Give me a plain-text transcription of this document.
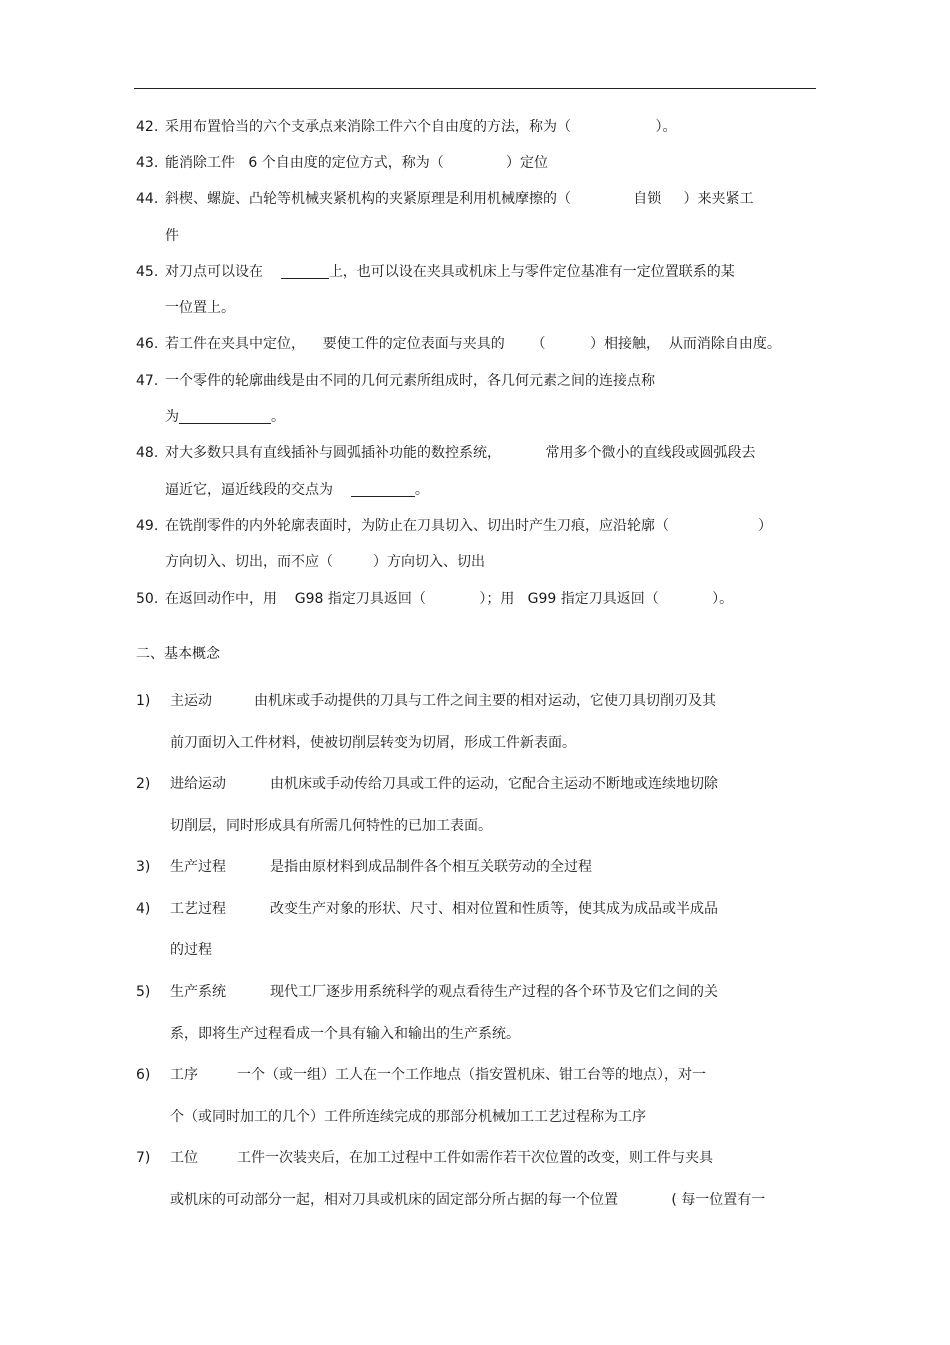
42. 采用布置恰当的六个支承点来消除工件六个自由度的方法，称为（                   ）。
43. 能消除工件   6 个自由度的定位方式，称为（              ）定位
44. 斜楔、螺旋、凸轮等机械夹紧机构的夹紧原理是利用机械摩擦的（              自锁     ）来夹紧工
件
45. 对刀点可以设在	上，也可以设在夹具或机床上与零件定位基准有一定位置联系的某
一位置上。
46. 若工件在夹具中定位，    要使工件的定位表面与夹具的      （          ）相接触，  从而消除自由度。
47. 一个零件的轮廓曲线是由不同的几何元素所组成时，各几何元素之间的连接点称
为	。
48. 对大多数只具有直线插补与圆弧插补功能的数控系统，          常用多个微小的直线段或圆弧段去
逼近它，逼近线段的交点为	。
49. 在铣削零件的内外轮廓表面时，为防止在刀具切入、切出时产生刀痕，应沿轮廓（                    ）
方向切入、切出，而不应（         ）方向切入、切出
50. 在返回动作中，用    G98 指定刀具返回（            ）；用   G99 指定刀具返回（            ）。
二、基本概念
1) 主运动	由机床或手动提供的刀具与工件之间主要的相对运动，它使刀具切削刃及其
前刀面切入工件材料，使被切削层转变为切屑，形成工件新表面。
2) 进给运动	由机床或手动传给刀具或工件的运动，它配合主运动不断地或连续地切除
切削层，同时形成具有所需几何特性的已加工表面。
3) 生产过程	是指由原材料到成品制件各个相互关联劳动的全过程
4) 工艺过程	改变生产对象的形状、尺寸、相对位置和性质等，使其成为成品或半成品
的过程
5) 生产系统	现代工厂逐步用系统科学的观点看待生产过程的各个环节及它们之间的关
系，即将生产过程看成一个具有输入和输出的生产系统。
6) 工序	一个（或一组）工人在一个工作地点（指安置机床、钳工台等的地点），对一
个（或同时加工的几个）工件所连续完成的那部分机械加工工艺过程称为工序
7) 工位	工件一次装夹后，在加工过程中工件如需作若干次位置的改变，则工件与夹具
或机床的可动部分一起，相对刀具或机床的固定部分所占据的每一个位置            ( 每一位置有一
